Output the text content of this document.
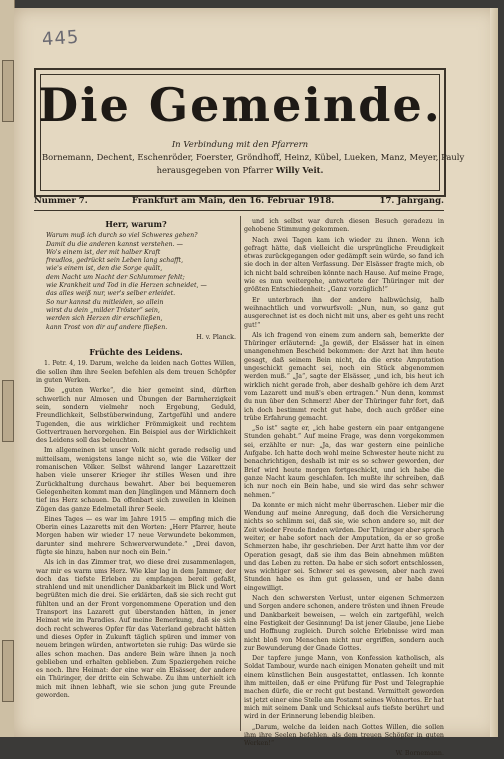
445
Die Gemeinde.
In Verbindung mit den Pfarrern
Bornemann, Dechent, Eschenröder, Foerster, Gröndhoff, Heinz, Kübel, Lueken, Manz, Meyer, Pauly
herausgegeben von Pfarrer Willy Veit.
Nummer 7.	Frankfurt am Main, den 16. Februar 1918.	17. Jahrgang.
Herr, warum?
Warum muß ich durch so viel Schweres gehen?
Damit du die anderen kannst verstehen. —
Wo's einem ist, der mit halber Kraft
freudlos, gedrückt sein Leben lang schafft,
wie's einem ist, den die Sorge quält,
dem Nacht um Nacht der Schlummer fehlt;
wie Krankheit und Tod in die Herzen schneidet, —
das alles weiß nur, wer's selber erleidet.
So nur kannst du mitleiden, so allein
wirst du dein „milder Tröster“ sein,
werden sich Herzen dir erschließen,
kann Trost von dir auf andere fließen.
H. v. Planck.
Früchte des Leidens.

1. Petr. 4, 19. Darum, welche da leiden nach Gottes Willen, die sollen ihm ihre Seelen befehlen als dem treuen Schöpfer in guten Werken.

Die „guten Werke“, die hier gemeint sind, dürften schwerlich nur Almosen und Übungen der Barmherzigkeit sein, sondern vielmehr noch Ergebung, Geduld, Freundlichkeit, Selbstüberwindung, Zartgefühl und andere Tugenden, die aus wirklicher Frömmigkeit und rechtem Gottvertrauen hervorgehen. Ein Beispiel aus der Wirklichkeit des Leidens soll das beleuchten.

Im allgemeinen ist unser Volk nicht gerade redselig und mitteilsam, wenigstens lange nicht so, wie die Völker der romanischen Völker. Selbst während langer Lazarettzeit haben viele unserer Krieger ihr stilles Wesen und ihre Zurückhaltung durchaus bewahrt. Aber bei bequemeren Gelegenheiten kommt man den Jünglingen und Männern doch tief ins Herz schauen. Da offenbart sich zuweilen in kleinen Zügen das ganze Edelmetall ihrer Seele.

Eines Tages — es war im Jahre 1915 — empfing mich die Oberin eines Lazaretts mit den Worten: „Herr Pfarrer, heute Morgen haben wir wieder 17 neue Verwundete bekommen, darunter sind mehrere Schwerverwundete.“ „Drei davon, fügte sie hinzu, haben nur noch ein Bein.“

Als ich in das Zimmer trat, wo diese drei zusammenlagen, war mir es warm ums Herz. Wie klar lag in dem Jammer, der doch das tiefste Erleben zu empfangen bereit gefaßt, strahlend und mit unendlicher Dankbarkeit im Blick und Wort begrüßten mich die drei. Sie erklärten, daß sie sich recht gut fühlten und an der Front vorgenommene Operation und den Transport ins Lazarett gut überstanden hätten, in jener Heimat wie im Paradies. Auf meine Bemerkung, daß sie sich doch recht schweres Opfer für das Vaterland gebracht hätten und dieses Opfer in Zukunft täglich spüren und immer von neuem bringen würden, antworteten sie ruhig: Das würde sie alles schon machen. Das andere Bein wäre ihnen ja noch geblieben und erhalten geblieben. Zum Spaziergehen reiche es noch. Ihre Heimat: der eine war ein Elsässer, der andere ein Thüringer, der dritte ein Schwabe. Zu ihm unterhielt ich mich mit ihnen lebhaft, wie sie schon jung gute Freunde geworden.

und ich selbst war durch diesen Besuch geradezu in gehobene Stimmung gekommen.

Nach zwei Tagen kam ich wieder zu ihnen. Wenn ich gefragt hätte, daß vielleicht die ursprüngliche Freudigkeit etwas zurückgegangen oder gedämpft sein würde, so fand ich sie doch in der alten Verfassung. Der Elsässer fragte mich, ob ich nicht bald schreiben könnte nach Hause. Auf meine Frage, wie es nun weitergehe, antwortete der Thüringer mit der größten Entschiedenheit: „Ganz vorzüglich!“

Er unterbrach ihn der andere halbwüchsig, halb weihnachtlich und vorwurfsvoll: „Nun, nun, so ganz gut ausgerechnet ist es doch nicht mit uns, aber es geht uns recht gut!“

Als ich fragend von einem zum andern sah, bemerkte der Thüringer erläuternd: „Ja gewiß, der Elsässer hat in einen unangenehmen Bescheid bekommen: der Arzt hat ihm heute gesagt, daß seinem Bein nicht, da die erste Amputation ungeschickt gemacht sei, noch ein Stück abgenommen werden muß.“ „Ja“, sagte der Elsässer, „und ich, bis heut ich wirklich nicht gerade froh, aber deshalb gehöre ich dem Arzt vom Lazarett und muß's eben ertragen.“ Nun denn, kommst du nun über den Schmerz! Aber der Thüringer fuhr fort, daß ich doch bestimmt recht gut habe, doch auch größer eine trübe Erfahrung gemacht.

„So ist“ sagte er, „ich habe gestern ein paar entgangene Stunden gehabt.“ Auf meine Frage, was denn vorgekommen sei, erzählte er nur: „Ja, das war gestern eine peinliche Aufgabe. Ich hatte doch wohl meine Schwester heute nicht zu benachrichtigen, deshalb ist mir es so schwer geworden, der Brief wird heute morgen fortgeschickt, und ich habe die ganze Nacht kaum geschlafen. Ich mußte ihr schreiben, daß ich nur noch ein Bein habe, und sie wird das sehr schwer nehmen.“

Da konnte er mich nicht mehr überraschen. Lieber mir die Wendung auf meine Anregung, daß doch die Versicherung nichts so schlimm sei, daß sie, wie schon andere so, mit der Zeit wieder Freude finden würden. Der Thüringer aber sprach weiter, er habe sofort nach der Amputation, da er so große Schmerzen habe, ihr geschrieben. Der Arzt hatte ihm vor der Operation gesagt, daß sie ihm das Bein abnehmen müßten und das Leben zu retten. Da habe er sich sofort entschlossen, was wichtiger sei. Schwer sei es gewesen, aber nach zwei Stunden habe es ihm gut gelassen, und er habe dann eingewilligt.

Nach den schwersten Verlust, unter eigenen Schmerzen und Sorgen andere schonen, andere trösten und ihnen Freude und Dankbarkeit beweisen, — welch ein zartgefühl, welch eine Festigkeit der Gesinnung! Da ist jener Glaube, jene Liebe und Hoffnung zugleich. Durch solche Erlebnisse wird man nicht bloß von Menschen nicht nur ergriffen, sondern auch zur Bewunderung der Gnade Gottes.

Der tapfere junge Mann, von Konfession katholisch, als Soldat Tambour, wurde nach einigen Monaten geheilt und mit einem künstlichen Bein ausgestattet, entlassen. Ich konnte ihm mitteilen, daß er eine Prüfung für Post und Telegraphie machen dürfe, die er recht gut bestand. Vermittelt geworden ist jetzt einer eine Stelle am Postamt seines Wohnortes. Er hat mich mit seinem Dank und Schicksal aufs tiefste berührt und wird in der Erinnerung lebendig bleiben.

„Darum, welche da leiden nach Gottes Willen, die sollen ihm ihre Seelen befehlen, als dem treuen Schöpfer in guten Werken!“

W. Bornemann.
